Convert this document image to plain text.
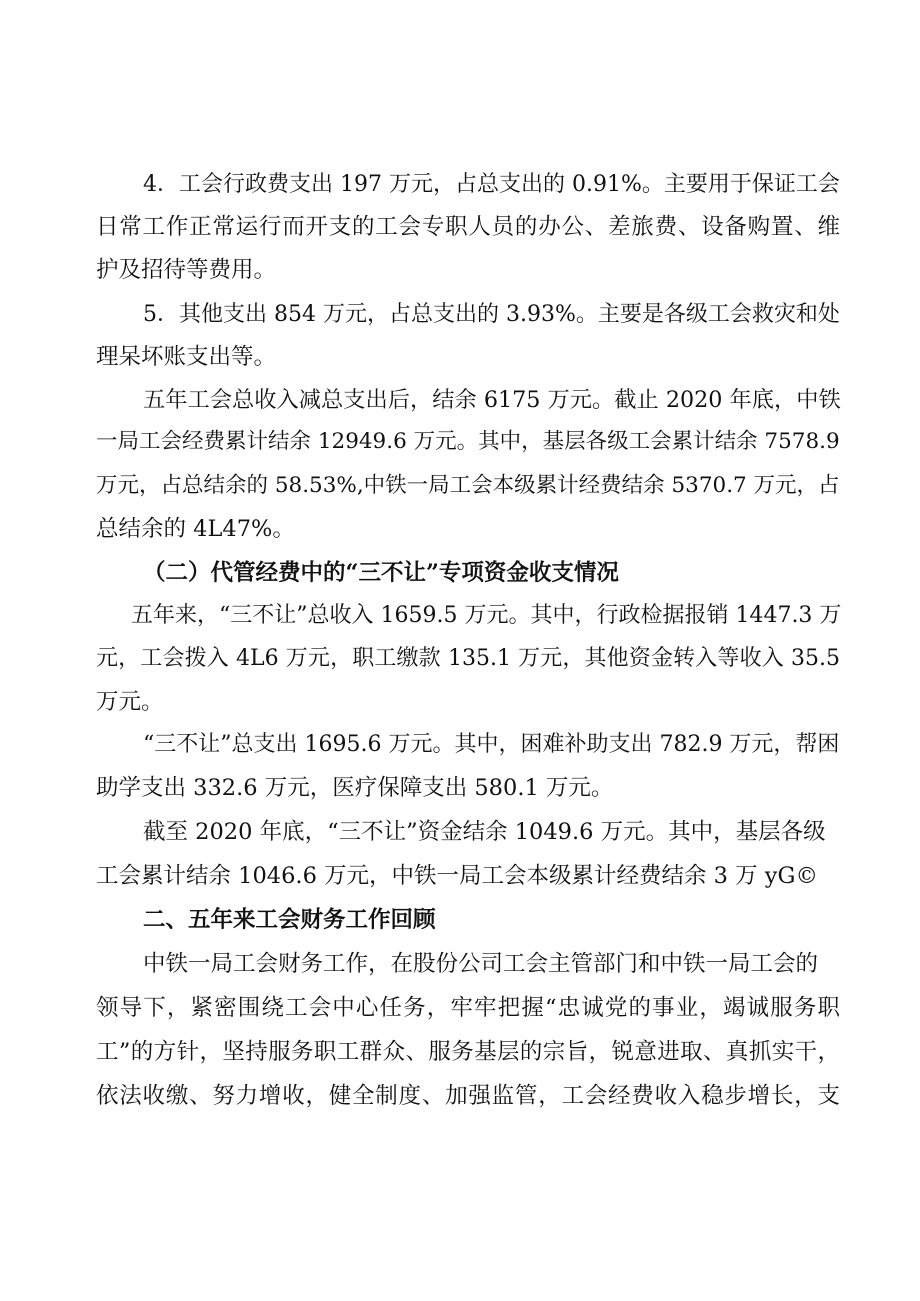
4．工会行政费支出 197 万元，占总支出的 0.91%。主要用于保证工会
日常工作正常运行而开支的工会专职人员的办公、差旅费、设备购置、维
护及招待等费用。
5．其他支出 854 万元，占总支出的 3.93%。主要是各级工会救灾和处
理呆坏账支出等。
五年工会总收入减总支出后，结余 6175 万元。截止 2020 年底，中铁
一局工会经费累计结余 12949.6 万元。其中，基层各级工会累计结余 7578.9
万元，占总结余的 58.53%,中铁一局工会本级累计经费结余 5370.7 万元，占
总结余的 4L47%。
（二）代管经费中的“三不让”专项资金收支情况
五年来，“三不让”总收入 1659.5 万元。其中，行政检据报销 1447.3 万
元，工会拨入 4L6 万元，职工缴款 135.1 万元，其他资金转入等收入 35.5
万元。
“三不让”总支出 1695.6 万元。其中，困难补助支出 782.9 万元，帮困
助学支出 332.6 万元，医疗保障支出 580.1 万元。
截至 2020 年底，“三不让”资金结余 1049.6 万元。其中，基层各级
工会累计结余 1046.6 万元，中铁一局工会本级累计经费结余 3 万 yG©
二、五年来工会财务工作回顾
中铁一局工会财务工作，在股份公司工会主管部门和中铁一局工会的
领导下，紧密围绕工会中心任务，牢牢把握“忠诚党的事业，竭诚服务职
工”的方针，坚持服务职工群众、服务基层的宗旨，锐意进取、真抓实干，
依法收缴、努力增收，健全制度、加强监管，工会经费收入稳步增长，支
